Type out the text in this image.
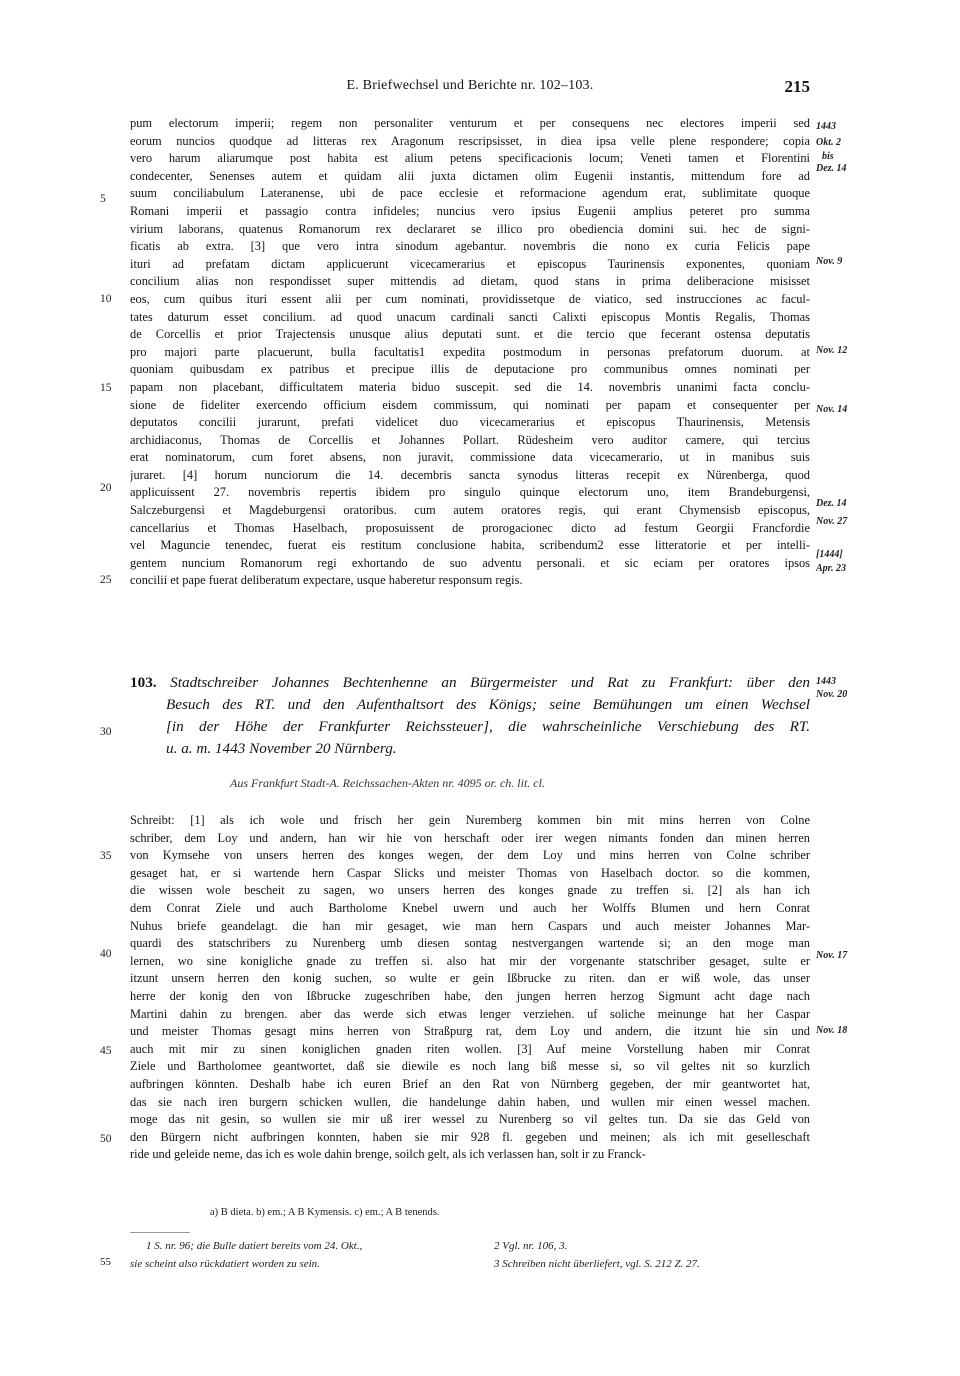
E. Briefwechsel und Berichte nr. 102–103.	215
pum electorum imperii; regem non personaliter venturum et per consequens nec electores imperii sed
eorum nuncios quodque ad litteras rex Aragonum rescripsisset, in diea ipsa velle plene respondere; copia
vero harum aliarumque post habita est alium petens specificacionis locum; Veneti tamen et Florentini
condecenter, Senenses autem et quidam alii juxta dictamen olim Eugenii instantis, mittendum fore ad
suum conciliabulum Lateranense, ubi de pace ecclesie et reformacione agendum erat, sublimitate quoque
Romani imperii et passagio contra infideles; nuncius vero ipsius Eugenii amplius peteret pro summa
virium laborans, quatenus Romanorum rex declararet se illico pro obediencia domini sui. hec de signi-
ficatis ab extra. [3] que vero intra sinodum agebantur. novembris die nono ex curia Felicis pape
ituri ad prefatam dictam applicuerunt vicecamerarius et episcopus Taurinensis exponentes, quoniam
concilium alias non respondisset super mittendis ad dietam, quod stans in prima deliberacione misisset
eos, cum quibus ituri essent alii per cum nominati, providissetque de viatico, sed instrucciones ac facul-
tates daturum esset concilium. ad quod unacum cardinali sancti Calixti episcopus Montis Regalis, Thomas
de Corcellis et prior Trajectensis unusque alius deputati sunt. et die tercio que fecerant ostensa deputatis
pro majori parte placuerunt, bulla facultatis1 expedita postmodum in personas prefatorum duorum. at
quoniam quibusdam ex patribus et precipue illis de deputacione pro communibus omnes nominati per
papam non placebant, difficultatem materia biduo suscepit. sed die 14. novembris unanimi facta conclu-
sione de fideliter exercendo officium eisdem commissum, qui nominati per papam et consequenter per
deputatos concilii jurarunt, prefati videlicet duo vicecamerarius et episcopus Thaurinensis, Metensis
archidiaconus, Thomas de Corcellis et Johannes Pollart. Rüdesheim vero auditor camere, qui tercius
erat nominatorum, cum foret absens, non juravit, commissione data vicecamerario, ut in manibus suis
juraret. [4] horum nunciorum die 14. decembris sancta synodus litteras recepit ex Nürenberga, quod
applicuissent 27. novembris repertis ibidem pro singulo quinque electorum uno, item Brandeburgensi,
Salczeburgensi et Magdeburgensi oratoribus. cum autem oratores regis, qui erant Chymensisb episcopus,
cancellarius et Thomas Haselbach, proposuissent de prorogacionec dicto ad festum Georgii Francfordie
vel Maguncie tenendec, fuerat eis restitum conclusione habita, scribendum2 esse litteratorie et per intelli-
gentem nuncium Romanorum regi exhortando de suo adventu personali. et sic eciam per oratores ipsos
concilii et pape fuerat deliberatum expectare, usque haberetur responsum regis.
5
10
15
20
25
1443
Okt. 2
bis
Dez. 14
Nov. 9
Nov. 12
Nov. 14
Dez. 14
Nov. 27
[1444]
Apr. 23
103. Stadtschreiber Johannes Bechtenhenne an Bürgermeister und Rat zu Frankfurt: über den
Besuch des RT. und den Aufenthaltsort des Königs; seine Bemühungen um einen Wechsel
[in der Höhe der Frankfurter Reichssteuer], die wahrscheinliche Verschiebung des RT.
u. a. m. 1443 November 20 Nürnberg.
30
1443
Nov. 20
Aus Frankfurt Stadt-A. Reichssachen-Akten nr. 4095 or. ch. lit. cl.
Schreibt: [1] als ich wole und frisch her gein Nuremberg kommen bin mit mins herren von Colne
schriber, dem Loy und andern, han wir hie von herschaft oder irer wegen nimants fonden dan minen herren
von Kymsehe von unsers herren des konges wegen, der dem Loy und mins herren von Colne schriber
gesaget hat, er si wartende hern Caspar Slicks und meister Thomas von Haselbach doctor. so die kommen,
die wissen wole bescheit zu sagen, wo unsers herren des konges gnade zu treffen si. [2] als han ich
dem Conrat Ziele und auch Bartholome Knebel uwern und auch her Wolffs Blumen und hern Conrat
Nuhus briefe geandelagt. die han mir gesaget, wie man hern Caspars und auch meister Johannes Mar-
quardi des statschribers zu Nurenberg umb diesen sontag nestvergangen wartende si; an den moge man
lernen, wo sine konigliche gnade zu treffen si. also hat mir der vorgenante statschriber gesaget, sulte er
itzunt unsern herren den konig suchen, so wulte er gein Ißbrucke zu riten. dan er wiß wole, das unser
herre der konig den von Ißbrucke zugeschriben habe, den jungen herren herzog Sigmunt acht dage nach
Martini dahin zu brengen. aber das werde sich etwas lenger verziehen. uf soliche meinunge hat her Caspar
und meister Thomas gesagt mins herren von Straßpurg rat, dem Loy und andern, die itzunt hie sin und
auch mit mir zu sinen koniglichen gnaden riten wollen. [3] Auf meine Vorstellung haben mir Conrat
Ziele und Bartholomee geantwortet, daß sie diewile es noch lang biß messe si, so vil geltes nit so kurzlich
aufbringen könnten. Deshalb habe ich euren Brief an den Rat von Nürnberg gegeben, der mir geantwortet hat,
das sie nach iren burgern schicken wullen, die handelunge dahin haben, und wullen mir einen wessel machen.
moge das nit gesin, so wullen sie mir uß irer wessel zu Nurenberg so vil geltes tun. Da sie das Geld von
den Bürgern nicht aufbringen konnten, haben sie mir 928 fl. gegeben und meinen; als ich mit geselleschaft
ride und geleide neme, das ich es wole dahin brenge, soilch gelt, als ich verlassen han, solt ir zu Franck-
35
40
45
50
Nov. 17
Nov. 18
a) B dieta. b) em.; A B Kymensis. c) em.; A B tenends.
1 S. nr. 96; die Bulle datiert bereits vom 24. Okt.,
sie scheint also rückdatiert worden zu sein.
55
2 Vgl. nr. 106, 3.
3 Schreiben nicht überliefert, vgl. S. 212 Z. 27.
